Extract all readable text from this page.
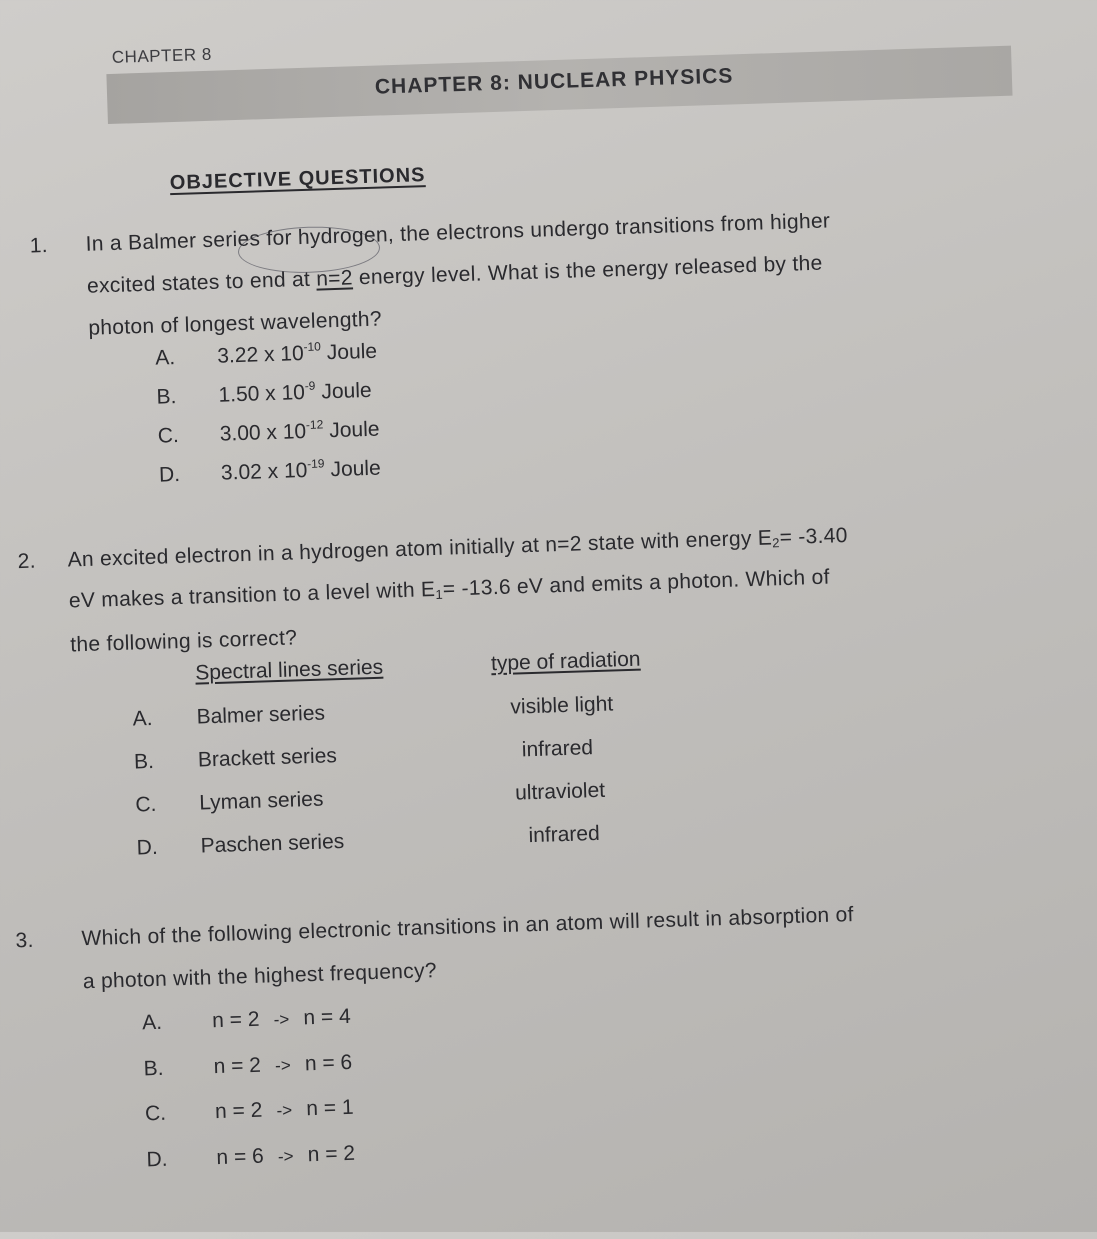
CHAPTER 8
CHAPTER 8: NUCLEAR PHYSICS
OBJECTIVE QUESTIONS
1. In a Balmer series for hydrogen, the electrons undergo transitions from higher
excited states to end at n=2 energy level. What is the energy released by the
photon of longest wavelength?
A. 3.22 x $10^{-10}$ Joule
B. 1.50 x $10^{-9}$ Joule
C. 3.00 x $10^{-12}$ Joule
D. 3.02 x $10^{-19}$ Joule
2. An excited electron in a hydrogen atom initially at n=2 state with energy $E_2= -3.40$
eV makes a transition to a level with $E_1= -13.6$ eV and emits a photon. Which of
the following is correct?
Spectral lines series	type of radiation
A. Balmer series	visible light
B. Brackett series	infrared
C. Lyman series	ultraviolet
D. Paschen series	infrared
3. Which of the following electronic transitions in an atom will result in absorption of
a photon with the highest frequency?
A. n = 2 -> n = 4
B. n = 2 -> n = 6
C. n = 2 -> n = 1
D. n = 6 -> n = 2
